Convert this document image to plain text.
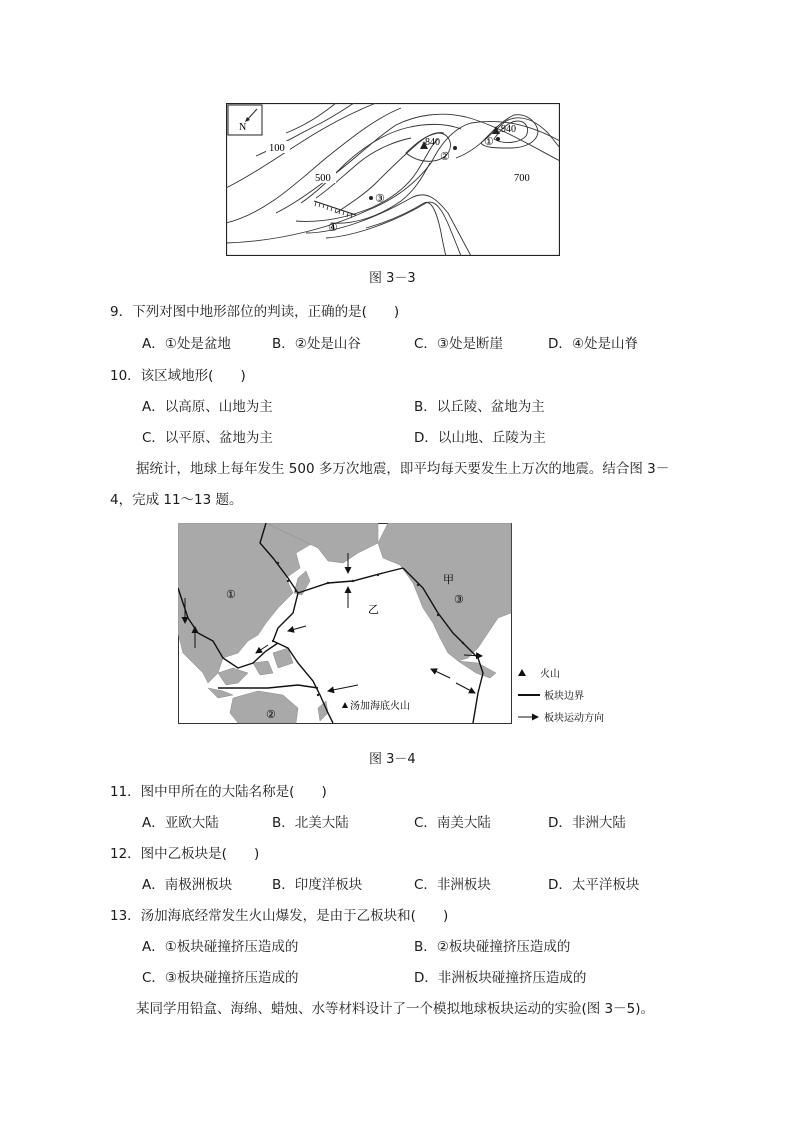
N
100
500	700
840
940
①
②
③
④
图 3－3
9．下列对图中地形部位的判读，正确的是(　　)
A．①处是盆地	B．②处是山谷	C．③处是断崖	D．④处是山脊
10．该区域地形(　　)
A．以高原、山地为主	B．以丘陵、盆地为主
C．以平原、盆地为主	D．以山地、丘陵为主
据统计，地球上每年发生 500 多万次地震，即平均每天要发生上万次的地震。结合图 3－
4，完成 11～13 题。
①
②
③
甲
乙
汤加海底火山
火山
板块边界
板块运动方向
图 3－4
11．图中甲所在的大陆名称是(　　)
A．亚欧大陆	B．北美大陆	C．南美大陆	D．非洲大陆
12．图中乙板块是(　　)
A．南极洲板块	B．印度洋板块	C．非洲板块	D．太平洋板块
13．汤加海底经常发生火山爆发，是由于乙板块和(　　)
A．①板块碰撞挤压造成的	B．②板块碰撞挤压造成的
C．③板块碰撞挤压造成的	D．非洲板块碰撞挤压造成的
某同学用铅盒、海绵、蜡烛、水等材料设计了一个模拟地球板块运动的实验(图 3－5)。
